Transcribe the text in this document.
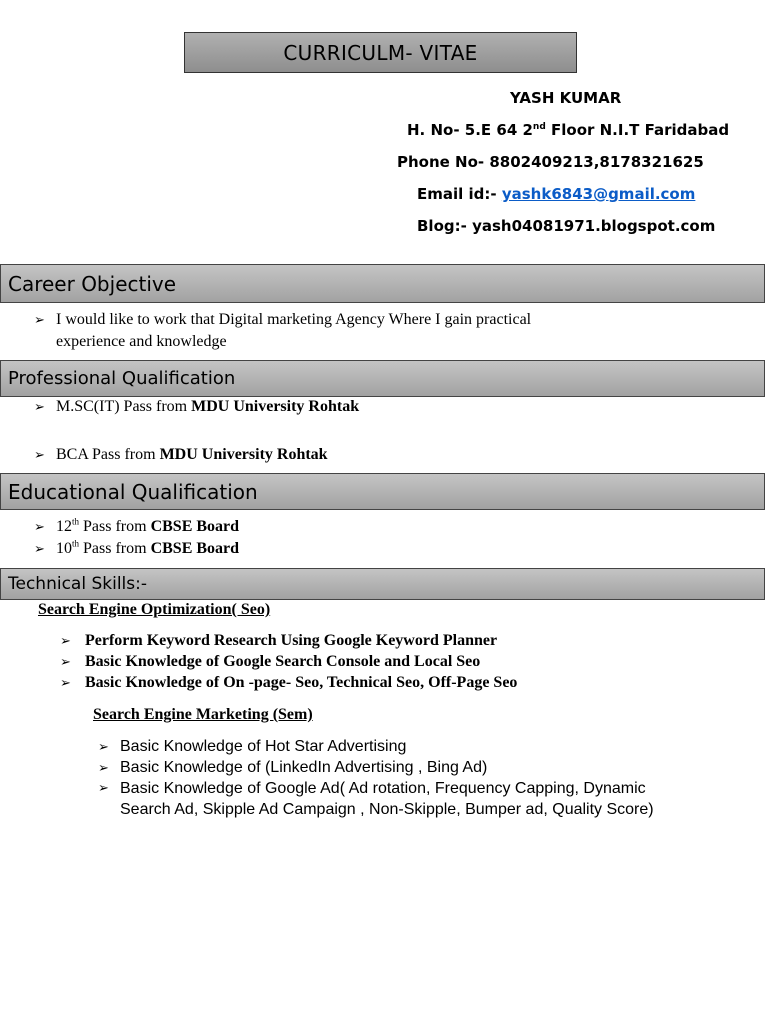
CURRICULM- VITAE
YASH KUMAR
H. No- 5.E 64 2nd Floor N.I.T Faridabad
Phone No- 8802409213,8178321625
Email id:- yashk6843@gmail.com
Blog:- yash04081971.blogspot.com
Career Objective
➢ I would like to work that Digital marketing Agency Where I gain practical
experience and knowledge
Professional Qualification
➢ M.SC(IT) Pass from MDU University Rohtak
➢ BCA Pass from MDU University Rohtak
Educational Qualification
➢ 12th Pass from CBSE Board
➢ 10th Pass from CBSE Board
Technical Skills:-
Search Engine Optimization( Seo)
➢ Perform Keyword Research Using Google Keyword Planner
➢ Basic Knowledge of Google Search Console and Local Seo
➢ Basic Knowledge of On -page- Seo, Technical Seo, Off-Page Seo
Search Engine Marketing (Sem)
➢ Basic Knowledge of Hot Star Advertising
➢ Basic Knowledge of (LinkedIn Advertising , Bing Ad)
➢ Basic Knowledge of Google Ad( Ad rotation, Frequency Capping, Dynamic Search Ad, Skipple Ad Campaign , Non-Skipple, Bumper ad, Quality Score)
